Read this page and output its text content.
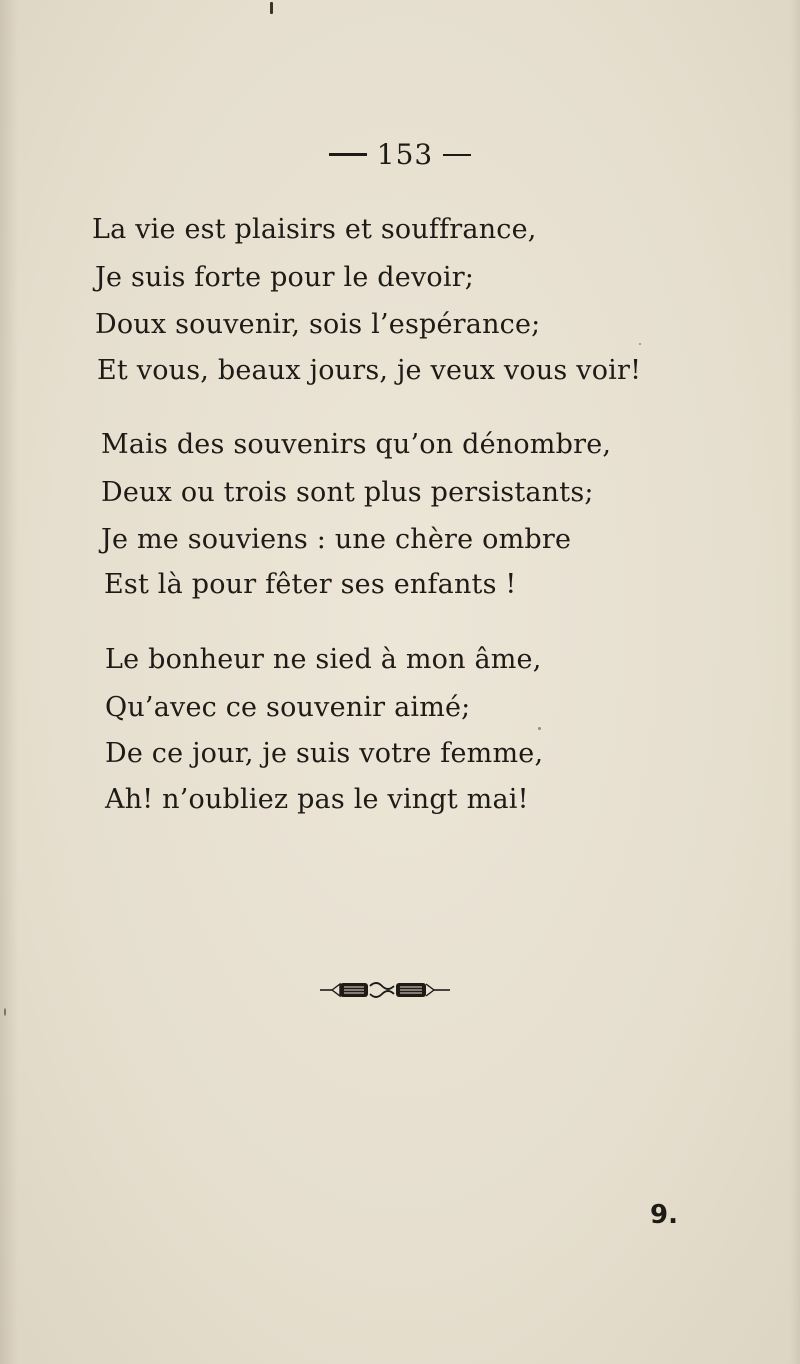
153
La vie est plaisirs et souffrance,
Je suis forte pour le devoir;
Doux souvenir, sois l’espérance;
Et vous, beaux jours, je veux vous voir!
Mais des souvenirs qu’on dénombre,
Deux ou trois sont plus persistants;
Je me souviens : une chère ombre
Est là pour fêter ses enfants !
Le bonheur ne sied à mon âme,
Qu’avec ce souvenir aimé;
De ce jour, je suis votre femme,
Ah! n’oubliez pas le vingt mai!
9.
